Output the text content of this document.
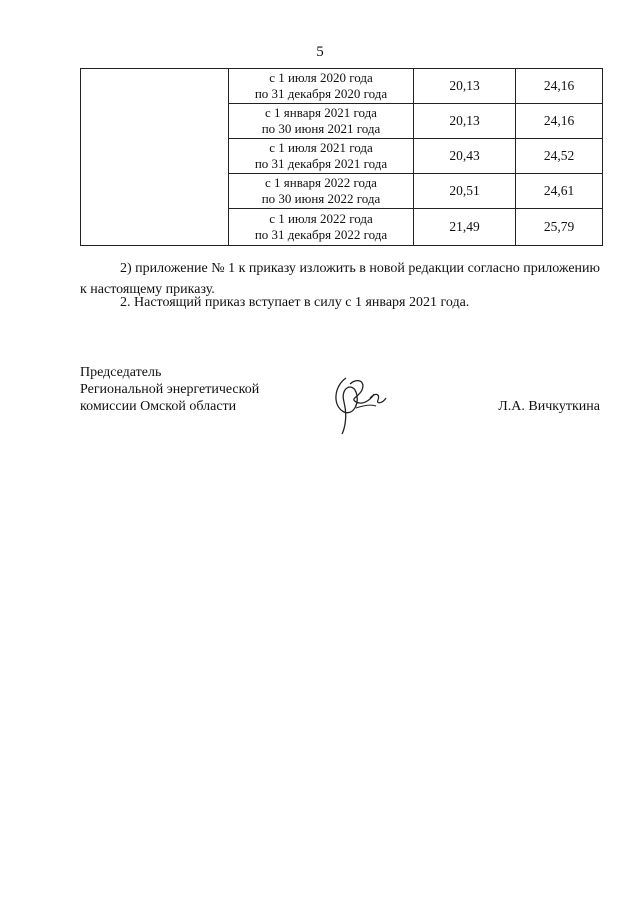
5

	с 1 июля 2020 года
по 31 декабря 2020 года	20,13	24,16

	с 1 января 2021 года
по 30 июня 2021 года	20,13	24,16

	с 1 июля 2021 года
по 31 декабря 2021 года	20,43	24,52

	с 1 января 2022 года
по 30 июня 2022 года	20,51	24,61

	с 1 июля 2022 года
по 31 декабря 2022 года	21,49	25,79
2) приложение № 1 к приказу изложить в новой редакции согласно приложению к настоящему приказу.
2. Настоящий приказ вступает в силу с 1 января 2021 года.
Председатель
Региональной энергетической
комиссии Омской области	Л.А. Вичкуткина
